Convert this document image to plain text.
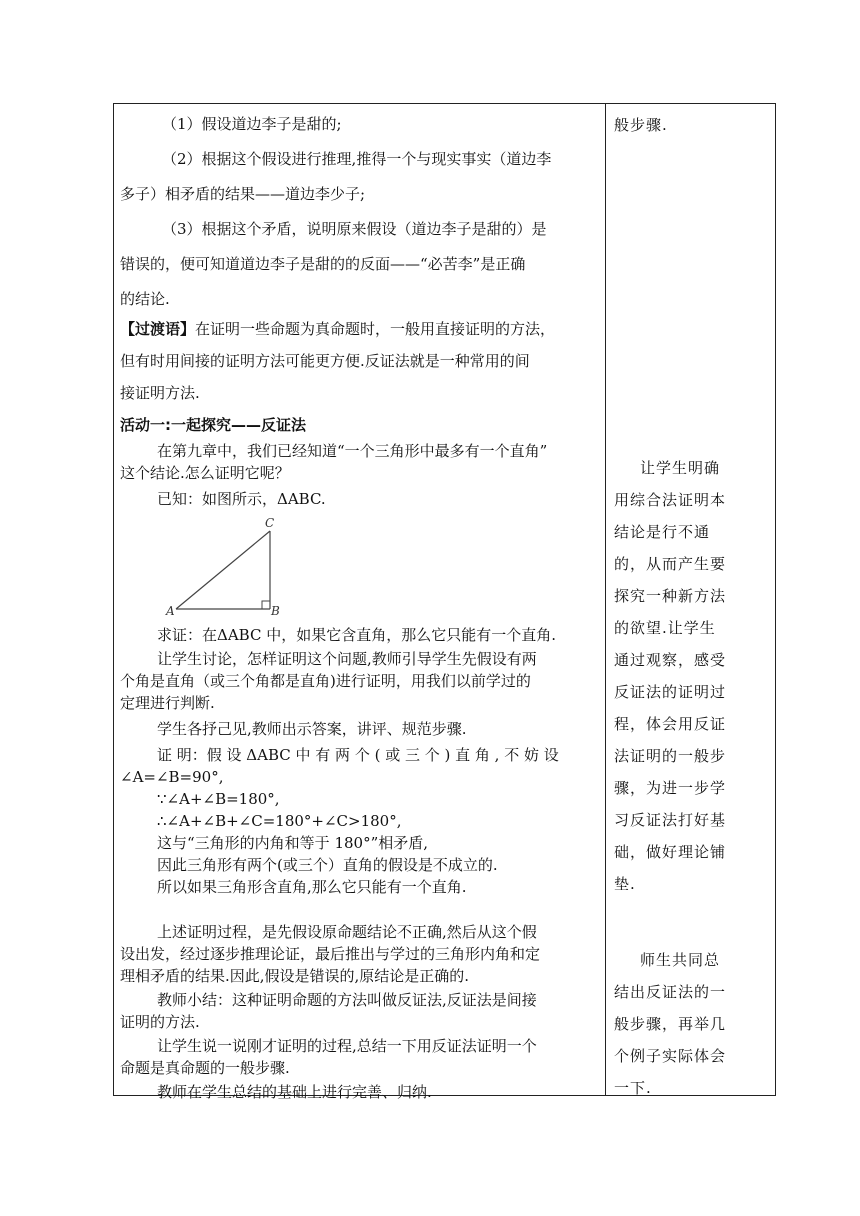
（1）假设道边李子是甜的;

（2）根据这个假设进行推理,推得一个与现实事实（道边李

多子）相矛盾的结果——道边李少子;

（3）根据这个矛盾，说明原来假设（道边李子是甜的）是

错误的，便可知道道边李子是甜的的反面——“必苦李”是正确

的结论.

【过渡语】在证明一些命题为真命题时，一般用直接证明的方法，

但有时用间接的证明方法可能更方便.反证法就是一种常用的间

接证明方法.

活动一:一起探究——反证法

在第九章中，我们已经知道“一个三角形中最多有一个直角”

这个结论.怎么证明它呢？

已知：如图所示，ΔABC.

A	B
C

求证：在ΔABC 中，如果它含直角，那么它只能有一个直角.

让学生讨论，怎样证明这个问题,教师引导学生先假设有两

个角是直角（或三个角都是直角)进行证明，用我们以前学过的

定理进行判断.

学生各抒己见,教师出示答案，讲评、规范步骤.

证 明：假 设 ΔABC 中 有 两 个 ( 或 三 个 ) 直 角 , 不 妨 设

∠A=∠B=90°,

∵∠A+∠B=180°,

∴∠A+∠B+∠C=180°+∠C>180°,

这与“三角形的内角和等于 180°”相矛盾,

因此三角形有两个(或三个）直角的假设是不成立的.

所以如果三角形含直角,那么它只能有一个直角.

上述证明过程，是先假设原命题结论不正确,然后从这个假

设出发，经过逐步推理论证，最后推出与学过的三角形内角和定

理相矛盾的结果.因此,假设是错误的,原结论是正确的.

教师小结：这种证明命题的方法叫做反证法,反证法是间接

证明的方法.

让学生说一说刚才证明的过程,总结一下用反证法证明一个

命题是真命题的一般步骤.

教师在学生总结的基础上进行完善、归纳.

般步骤.

让学生明确

用综合法证明本

结论是行不通

的，从而产生要

探究一种新方法

的欲望.让学生

通过观察，感受

反证法的证明过

程，体会用反证

法证明的一般步

骤，为进一步学

习反证法打好基

础，做好理论铺

垫.

师生共同总

结出反证法的一

般步骤，再举几

个例子实际体会

一下.
